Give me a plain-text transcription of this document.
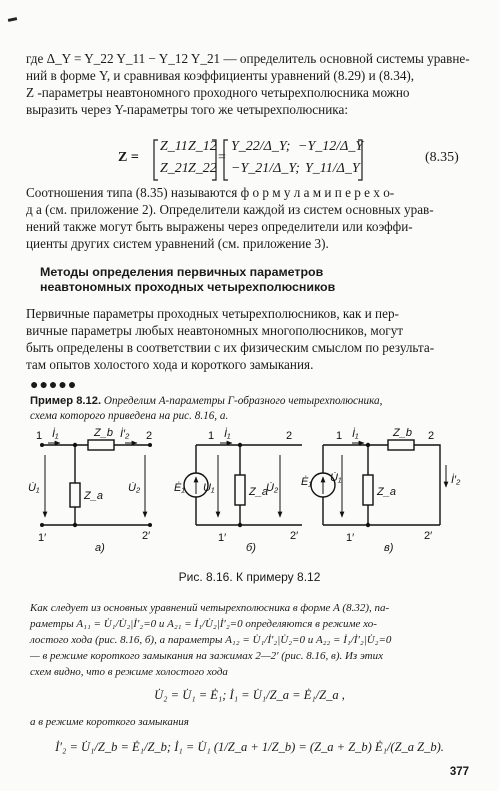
где Δ_Y = Y_22 Y_11 − Y_12 Y_21 — определитель основной системы уравне-
ний в форме Y, и сравнивая коэффициенты уравнений (8.29) и (8.34),
Z -параметры неавтономного проходного четырехполюсника можно
выразить через Y-параметры того же четырехполюсника:
Z =
Z_11 Z_12
Z_21 Z_22
=
Y_22/Δ_Y; −Y_12/Δ_Y
−Y_21/Δ_Y; Y_11/Δ_Y
(8.35)
Соотношения типа (8.35) называются ф о р м у л а м и п е р е х о-
д а (см. приложение 2). Определители каждой из систем основных урав-
нений также могут быть выражены через определители или коэффи-
циенты других систем уравнений (см. приложение 3).
Методы определения первичных параметров
неавтономных проходных четырехполюсников
Первичные параметры проходных четырехполюсников, как и пер-
вичные параметры любых неавтономных многополюсников, могут
быть определены в соответствии с их физическим смыслом по результа-
там опытов холостого хода и короткого замыкания.
●●●●●
Пример 8.12. Определим A-параметры Г-образного четырехполюсника,
схема которого приведена на рис. 8.16, а.
1 İ₁	Z_b İ′₂ 2
U̇₁
Z_a
U̇₂
1′	2′
а)
1 İ₁	2
Ė₁ U̇₁	Z_a
U̇₂
1′	2′
б)
1 İ₁	Z_b 2
Ė₁ U̇₁
Z_a
İ′₂
1′	2′
в)
Рис. 8.16. К примеру 8.12
Как следует из основных уравнений четырехполюсника в форме A (8.32), па-
раметры A₁₁ = U̇₁/U̇₂|İ′₂=0 и A₂₁ = İ₁/U̇₂|İ′₂=0 определяются в режиме хо-
лостого хода (рис. 8.16, б), а параметры A₁₂ = U̇₁/İ′₂|U̇₂=0 и A₂₂ = İ₁/İ′₂|U̇₂=0
— в режиме короткого замыкания на зажимах 2—2′ (рис. 8.16, в). Из этих
схем видно, что в режиме холостого хода
U̇₂ = U̇₁ = Ė₁; İ₁ = U̇₁/Z_a = Ė₁/Z_a ,
а в режиме короткого замыкания
İ′₂ = U̇₁/Z_b = Ė₁/Z_b; İ₁ = U̇₁ (1/Z_a + 1/Z_b) = (Z_a + Z_b) Ė₁/(Z_a Z_b).
377
